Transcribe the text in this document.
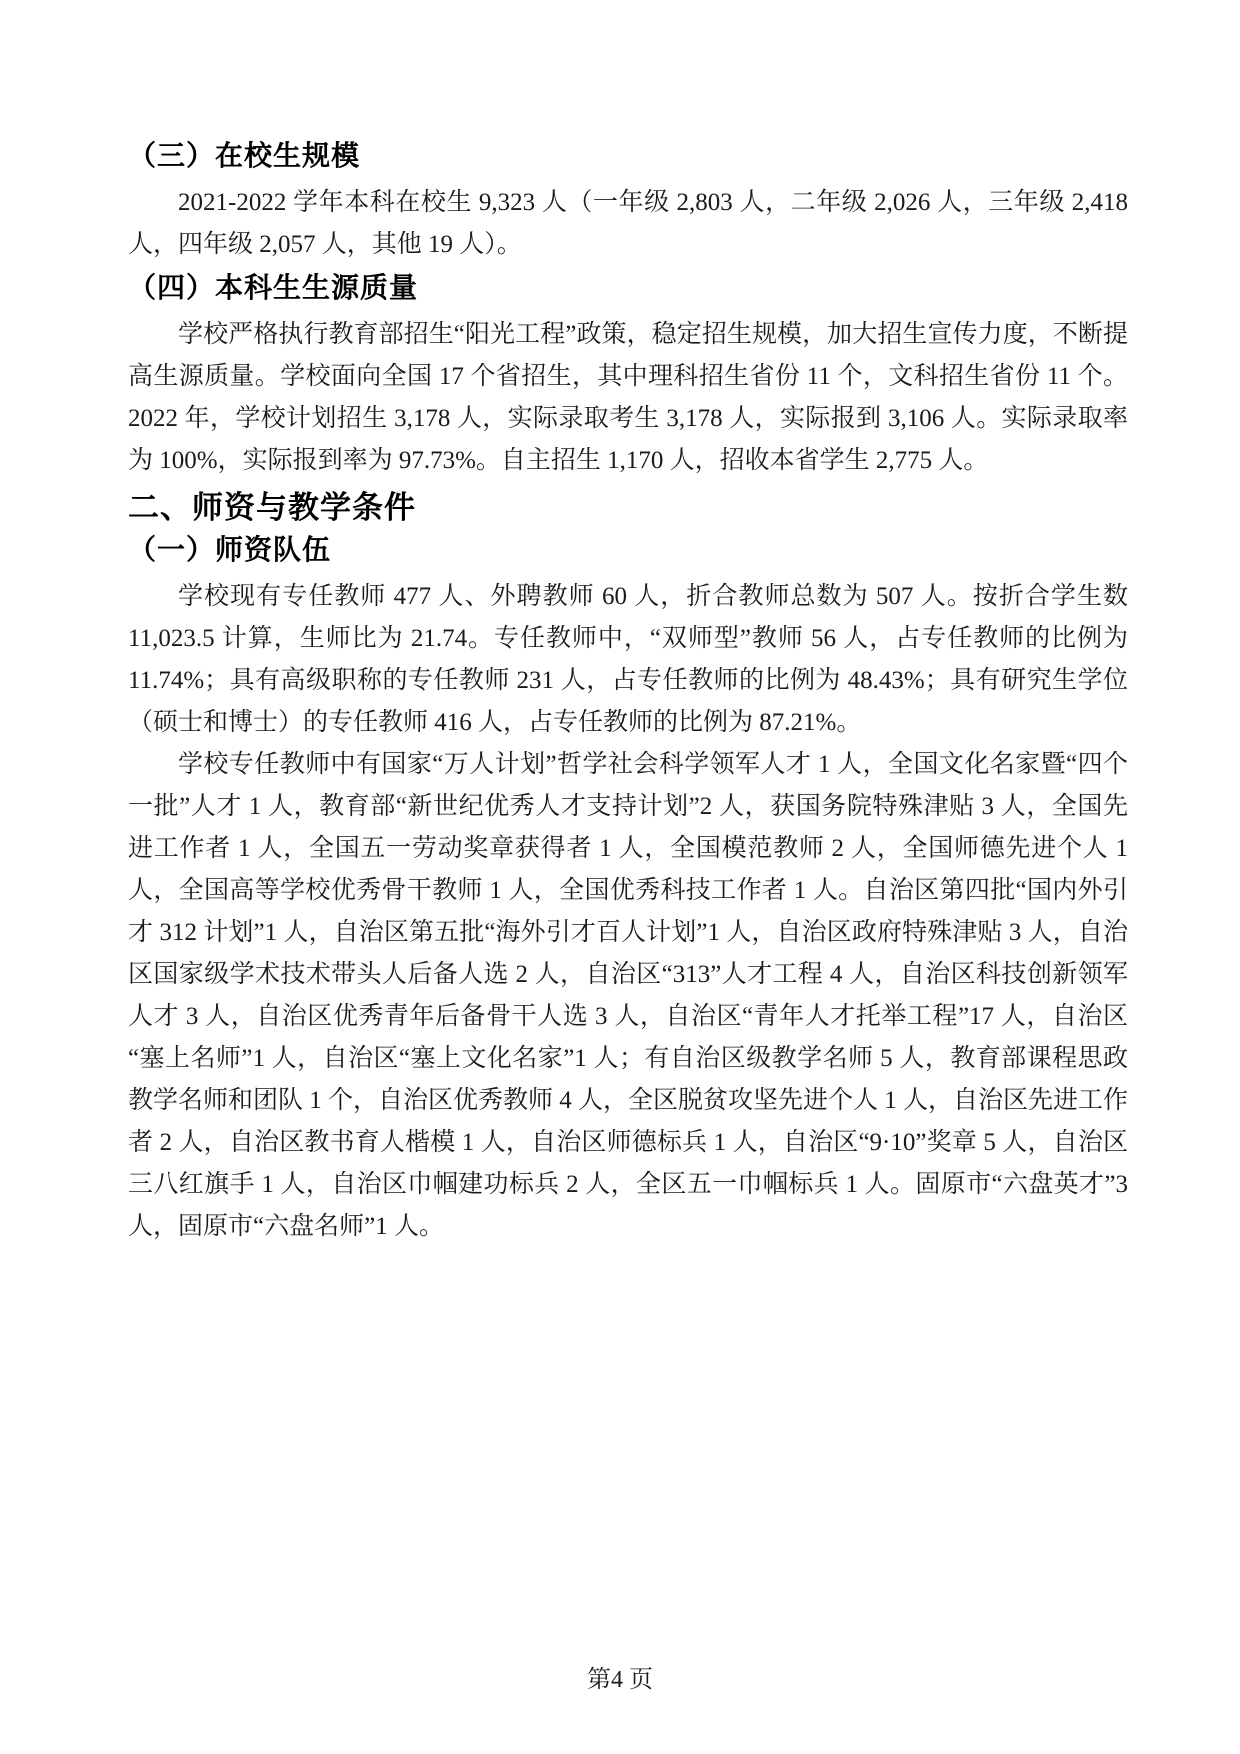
（三）在校生规模

2021-2022 学年本科在校生 9,323 人（一年级 2,803 人，二年级 2,026 人，三年级 2,418 人，四年级 2,057 人，其他 19 人）。

（四）本科生生源质量

学校严格执行教育部招生“阳光工程”政策，稳定招生规模，加大招生宣传力度，不断提高生源质量。学校面向全国 17 个省招生，其中理科招生省份 11 个，文科招生省份 11 个。2022 年，学校计划招生 3,178 人，实际录取考生 3,178 人，实际报到 3,106 人。实际录取率为 100%，实际报到率为 97.73%。自主招生 1,170 人，招收本省学生 2,775 人。

二、师资与教学条件
（一）师资队伍

学校现有专任教师 477 人、外聘教师 60 人，折合教师总数为 507 人。按折合学生数 11,023.5 计算，生师比为 21.74。专任教师中，“双师型”教师 56 人，占专任教师的比例为 11.74%；具有高级职称的专任教师 231 人，占专任教师的比例为 48.43%；具有研究生学位（硕士和博士）的专任教师 416 人，占专任教师的比例为 87.21%。

学校专任教师中有国家“万人计划”哲学社会科学领军人才 1 人，全国文化名家暨“四个一批”人才 1 人，教育部“新世纪优秀人才支持计划”2 人，获国务院特殊津贴 3 人，全国先进工作者 1 人，全国五一劳动奖章获得者 1 人，全国模范教师 2 人，全国师德先进个人 1 人，全国高等学校优秀骨干教师 1 人，全国优秀科技工作者 1 人。自治区第四批“国内外引才 312 计划”1 人，自治区第五批“海外引才百人计划”1 人，自治区政府特殊津贴 3 人，自治区国家级学术技术带头人后备人选 2 人，自治区“313”人才工程 4 人，自治区科技创新领军人才 3 人，自治区优秀青年后备骨干人选 3 人，自治区“青年人才托举工程”17 人，自治区“塞上名师”1 人，自治区“塞上文化名家”1 人；有自治区级教学名师 5 人，教育部课程思政教学名师和团队 1 个，自治区优秀教师 4 人，全区脱贫攻坚先进个人 1 人，自治区先进工作者 2 人，自治区教书育人楷模 1 人，自治区师德标兵 1 人，自治区“9·10”奖章 5 人，自治区三八红旗手 1 人，自治区巾帼建功标兵 2 人，全区五一巾帼标兵 1 人。固原市“六盘英才”3 人，固原市“六盘名师”1 人。

第4 页
